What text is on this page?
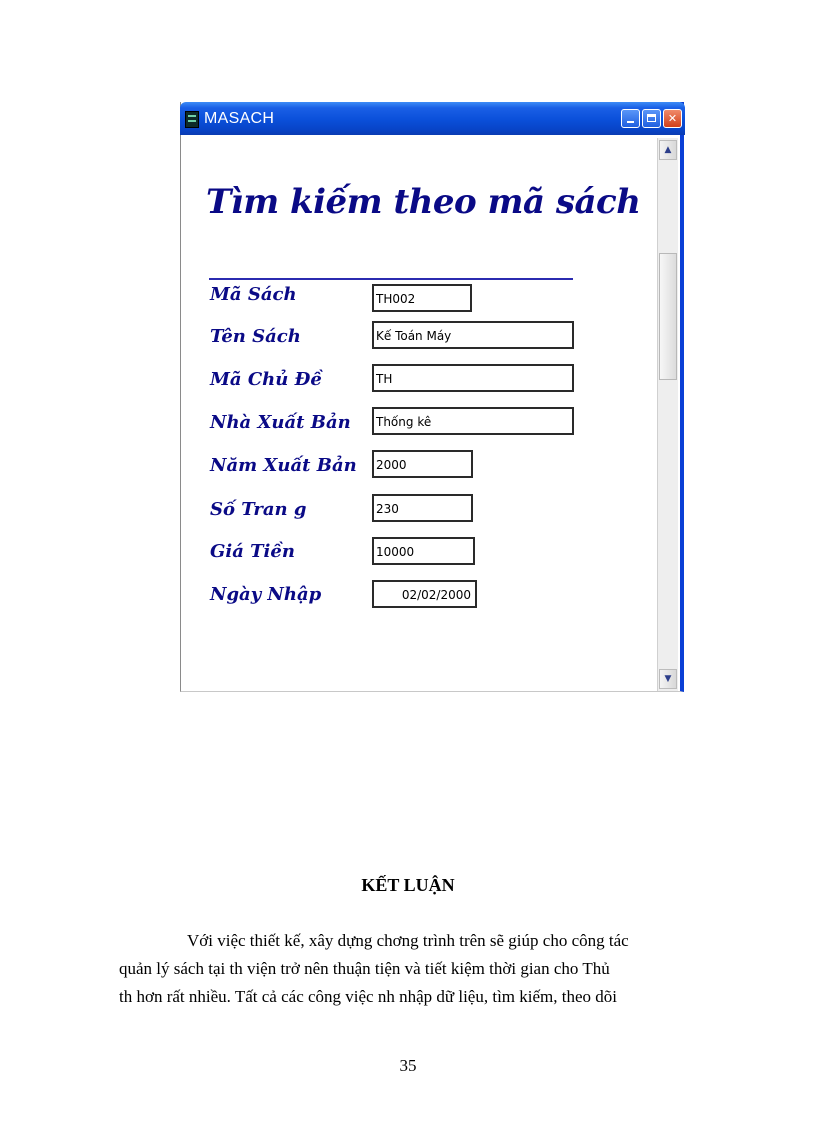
MASACH	✕
▲
▼
Tìm kiếm theo mã sách
Mã Sách	TH002
Tên Sách	Kế Toán Máy
Mã Chủ Đề	TH
Nhà Xuất Bản	Thống kê
Năm Xuất Bản	2000
Số Tran g	230
Giá Tiền	10000
Ngày Nhập	02/02/2000
KẾT LUẬN
Với việc thiết kế, xây dựng chơng trình trên sẽ giúp cho công tác
quản lý sách tại th viện trở nên thuận tiện và tiết kiệm thời gian cho Thủ
th hơn rất nhiều. Tất cả các công việc nh nhập dữ liệu, tìm kiếm, theo dõi
35
